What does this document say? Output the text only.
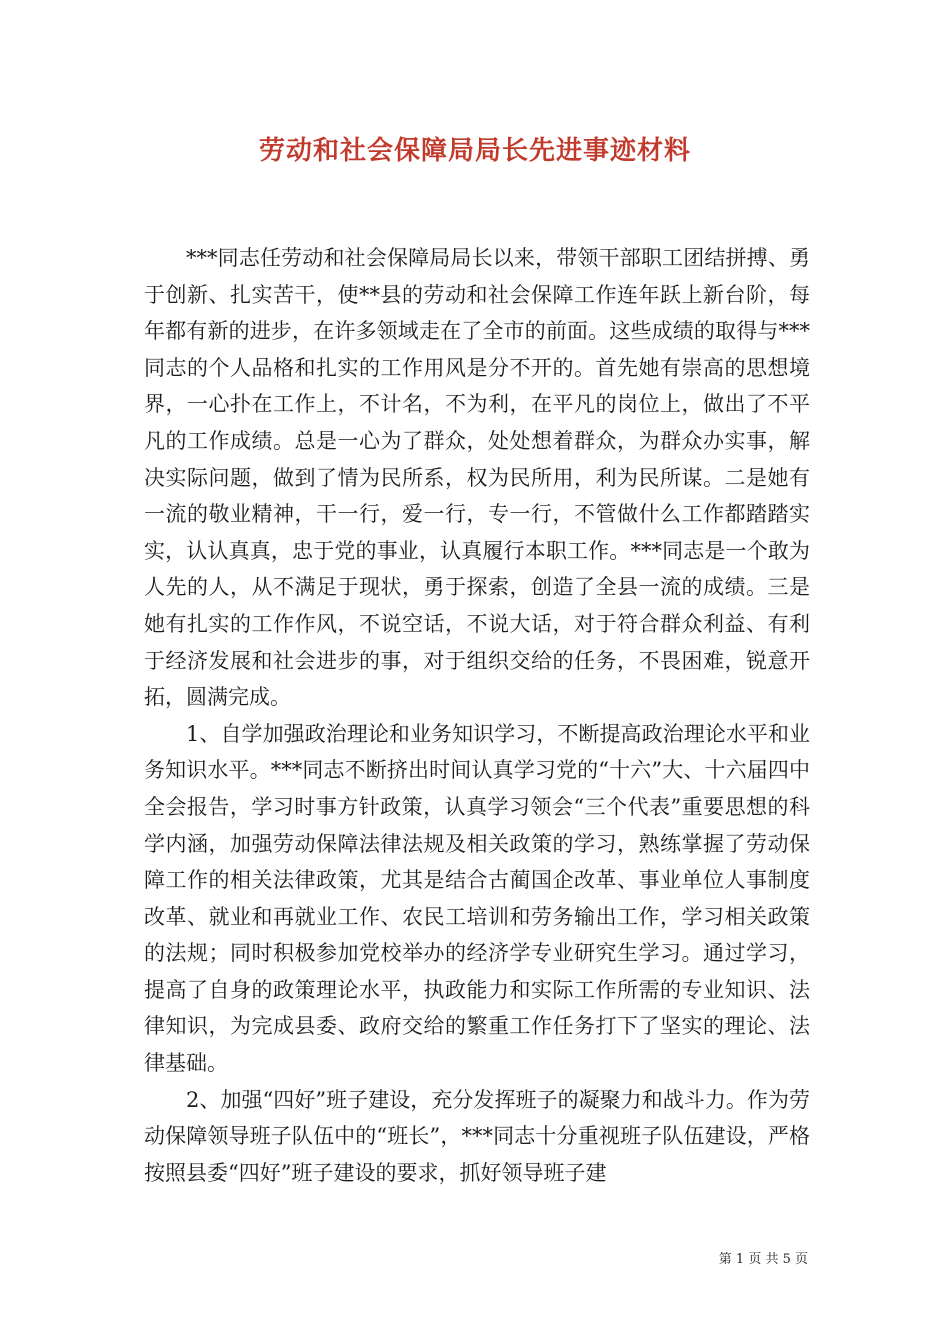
劳动和社会保障局局长先进事迹材料

***同志任劳动和社会保障局局长以来，带领干部职工团结拼搏、勇于创新、扎实苦干，使**县的劳动和社会保障工作连年跃上新台阶，每年都有新的进步，在许多领域走在了全市的前面。这些成绩的取得与***同志的个人品格和扎实的工作用风是分不开的。首先她有崇高的思想境界，一心扑在工作上，不计名，不为利，在平凡的岗位上，做出了不平凡的工作成绩。总是一心为了群众，处处想着群众，为群众办实事，解决实际问题，做到了情为民所系，权为民所用，利为民所谋。二是她有一流的敬业精神，干一行，爱一行，专一行，不管做什么工作都踏踏实实，认认真真，忠于党的事业，认真履行本职工作。***同志是一个敢为人先的人，从不满足于现状，勇于探索，创造了全县一流的成绩。三是她有扎实的工作作风，不说空话，不说大话，对于符合群众利益、有利于经济发展和社会进步的事，对于组织交给的任务，不畏困难，锐意开拓，圆满完成。

1、自学加强政治理论和业务知识学习，不断提高政治理论水平和业务知识水平。***同志不断挤出时间认真学习党的“十六”大、十六届四中全会报告，学习时事方针政策，认真学习领会“三个代表”重要思想的科学内涵，加强劳动保障法律法规及相关政策的学习，熟练掌握了劳动保障工作的相关法律政策，尤其是结合古蔺国企改革、事业单位人事制度改革、就业和再就业工作、农民工培训和劳务输出工作，学习相关政策的法规；同时积极参加党校举办的经济学专业研究生学习。通过学习，提高了自身的政策理论水平，执政能力和实际工作所需的专业知识、法律知识，为完成县委、政府交给的繁重工作任务打下了坚实的理论、法律基础。

2、加强“四好”班子建设，充分发挥班子的凝聚力和战斗力。作为劳动保障领导班子队伍中的“班长”，***同志十分重视班子队伍建设，严格按照县委“四好”班子建设的要求，抓好领导班子建

第 1 页 共 5 页
